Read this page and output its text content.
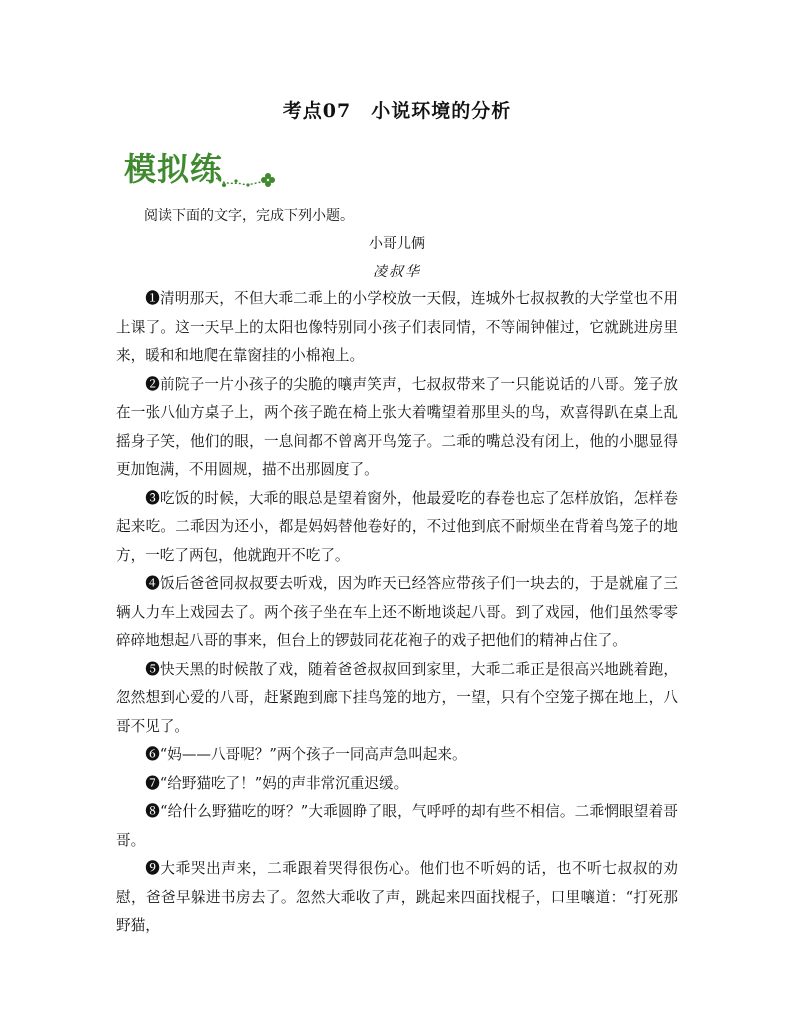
考点07　小说环境的分析
模拟练
阅读下面的文字，完成下列小题。
小哥儿俩
凌叔华

❶清明那天，不但大乖二乖上的小学校放一天假，连城外七叔叔教的大学堂也不用上课了。这一天早上的太阳也像特别同小孩子们表同情，不等闹钟催过，它就跳进房里来，暖和和地爬在靠窗挂的小棉袍上。

❷前院子一片小孩子的尖脆的嚷声笑声，七叔叔带来了一只能说话的八哥。笼子放在一张八仙方桌子上，两个孩子跪在椅上张大着嘴望着那里头的鸟，欢喜得趴在桌上乱摇身子笑，他们的眼，一息间都不曾离开鸟笼子。二乖的嘴总没有闭上，他的小腮显得更加饱满，不用圆规，描不出那圆度了。

❸吃饭的时候，大乖的眼总是望着窗外，他最爱吃的春卷也忘了怎样放馅，怎样卷起来吃。二乖因为还小，都是妈妈替他卷好的，不过他到底不耐烦坐在背着鸟笼子的地方，一吃了两包，他就跑开不吃了。

❹饭后爸爸同叔叔要去听戏，因为昨天已经答应带孩子们一块去的，于是就雇了三辆人力车上戏园去了。两个孩子坐在车上还不断地谈起八哥。到了戏园，他们虽然零零碎碎地想起八哥的事来，但台上的锣鼓同花花袍子的戏子把他们的精神占住了。

❺快天黑的时候散了戏，随着爸爸叔叔回到家里，大乖二乖正是很高兴地跳着跑，忽然想到心爱的八哥，赶紧跑到廊下挂鸟笼的地方，一望，只有个空笼子掷在地上，八哥不见了。

❻“妈——八哥呢？”两个孩子一同高声急叫起来。

❼“给野猫吃了！”妈的声非常沉重迟缓。

❽“给什么野猫吃的呀？”大乖圆睁了眼，气呼呼的却有些不相信。二乖惘眼望着哥哥。

❾大乖哭出声来，二乖跟着哭得很伤心。他们也不听妈的话，也不听七叔叔的劝慰，爸爸早躲进书房去了。忽然大乖收了声，跳起来四面找棍子，口里嚷道：“打死那野猫，
